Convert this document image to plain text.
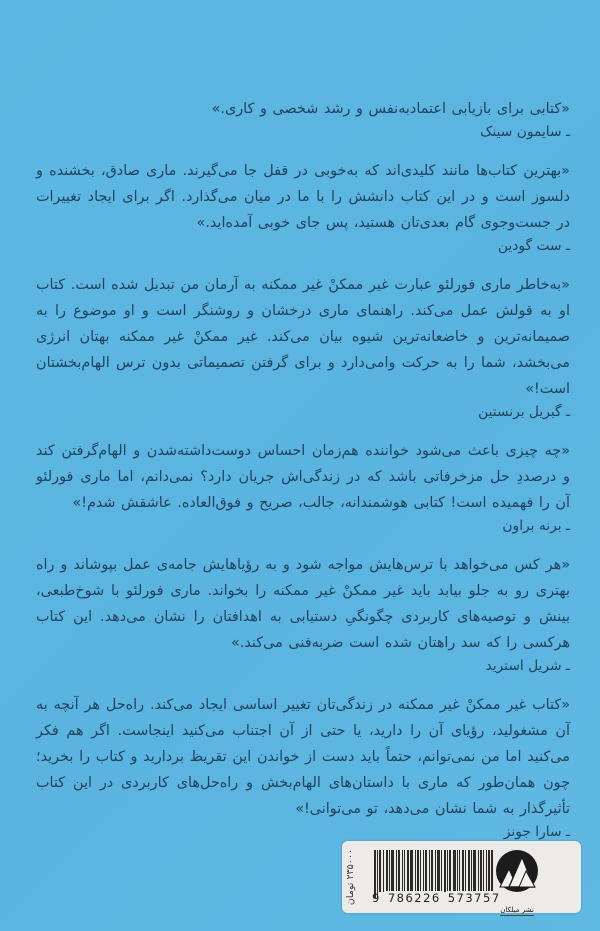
«کتابی برای بازیابی اعتمادبه‌نفس و رشد شخصی و کاری.»

ـ سایمون سینک

«بهترین کتاب‌ها مانند کلیدی‌اند که به‌خوبی در قفل جا می‌گیرند. ماری صادق، بخشنده و دلسوز است و در این کتاب دانشش را با ما در میان می‌گذارد. اگر برای ایجاد تغییرات در جست‌وجوی گام بعدی‌تان هستید، پس جای خوبی آمده‌اید.»

ـ ست گودین

«به‌خاطر ماری فورلئو عبارت غیر ممکنْ غیر ممکنه به آرمان من تبدیل شده است. کتاب او به قولش عمل می‌کند. راهنمای ماری درخشان و روشنگر است و او موضوع را به صمیمانه‌ترین و خاضعانه‌ترین شیوه بیان می‌کند. غیر ممکنْ غیر ممکنه بهتان انرژی می‌بخشد، شما را به حرکت وامی‌دارد و برای گرفتن تصمیماتی بدون ترس الهام‌بخشتان است!»

ـ گبریل برنستین

«چه چیزی باعث می‌شود خواننده هم‌زمان احساس دوست‌داشته‌شدن و الهام‌گرفتن کند و درصددِ حل مزخرفاتی باشد که در زندگی‌اش جریان دارد؟ نمی‌دانم، اما ماری فورلئو آن را فهمیده است! کتابی هوشمندانه، جالب، صریح و فوق‌العاده. عاشقش شدم!»

ـ برنه براون

«هر کس می‌خواهد با ترس‌هایش مواجه شود و به رؤیاهایش جامه‌ی عمل بپوشاند و راه بهتری رو به جلو بیابد باید غیر ممکنْ غیر ممکنه را بخواند. ماری فورلئو با شوخ‌طبعی، بینش و توصیه‌های کاربردی چگونگیِ دستیابی به اهدافتان را نشان می‌دهد. این کتاب هرکسی را که سد راهتان شده است ضربه‌فنی می‌کند.»

ـ شریل استرید

«کتاب غیر ممکنْ غیر ممکنه در زندگی‌تان تغییر اساسی ایجاد می‌کند. راه‌حل هر آنچه به آن مشغولید، رؤیای آن را دارید، یا حتی از آن اجتناب می‌کنید اینجاست. اگر هم فکر می‌کنید اما من نمی‌توانم، حتماً باید دست از خواندن این تقریظ بردارید و کتاب را بخرید؛ چون همان‌طور که ماری با داستان‌های الهام‌بخش و راه‌حل‌های کاربردی در این کتاب تأثیرگذار به شما نشان می‌دهد، تو می‌توانی!»

ـ سارا جونز

۲۳۵۰۰۰ تومان
9 786226 573757
نشر میلکان
